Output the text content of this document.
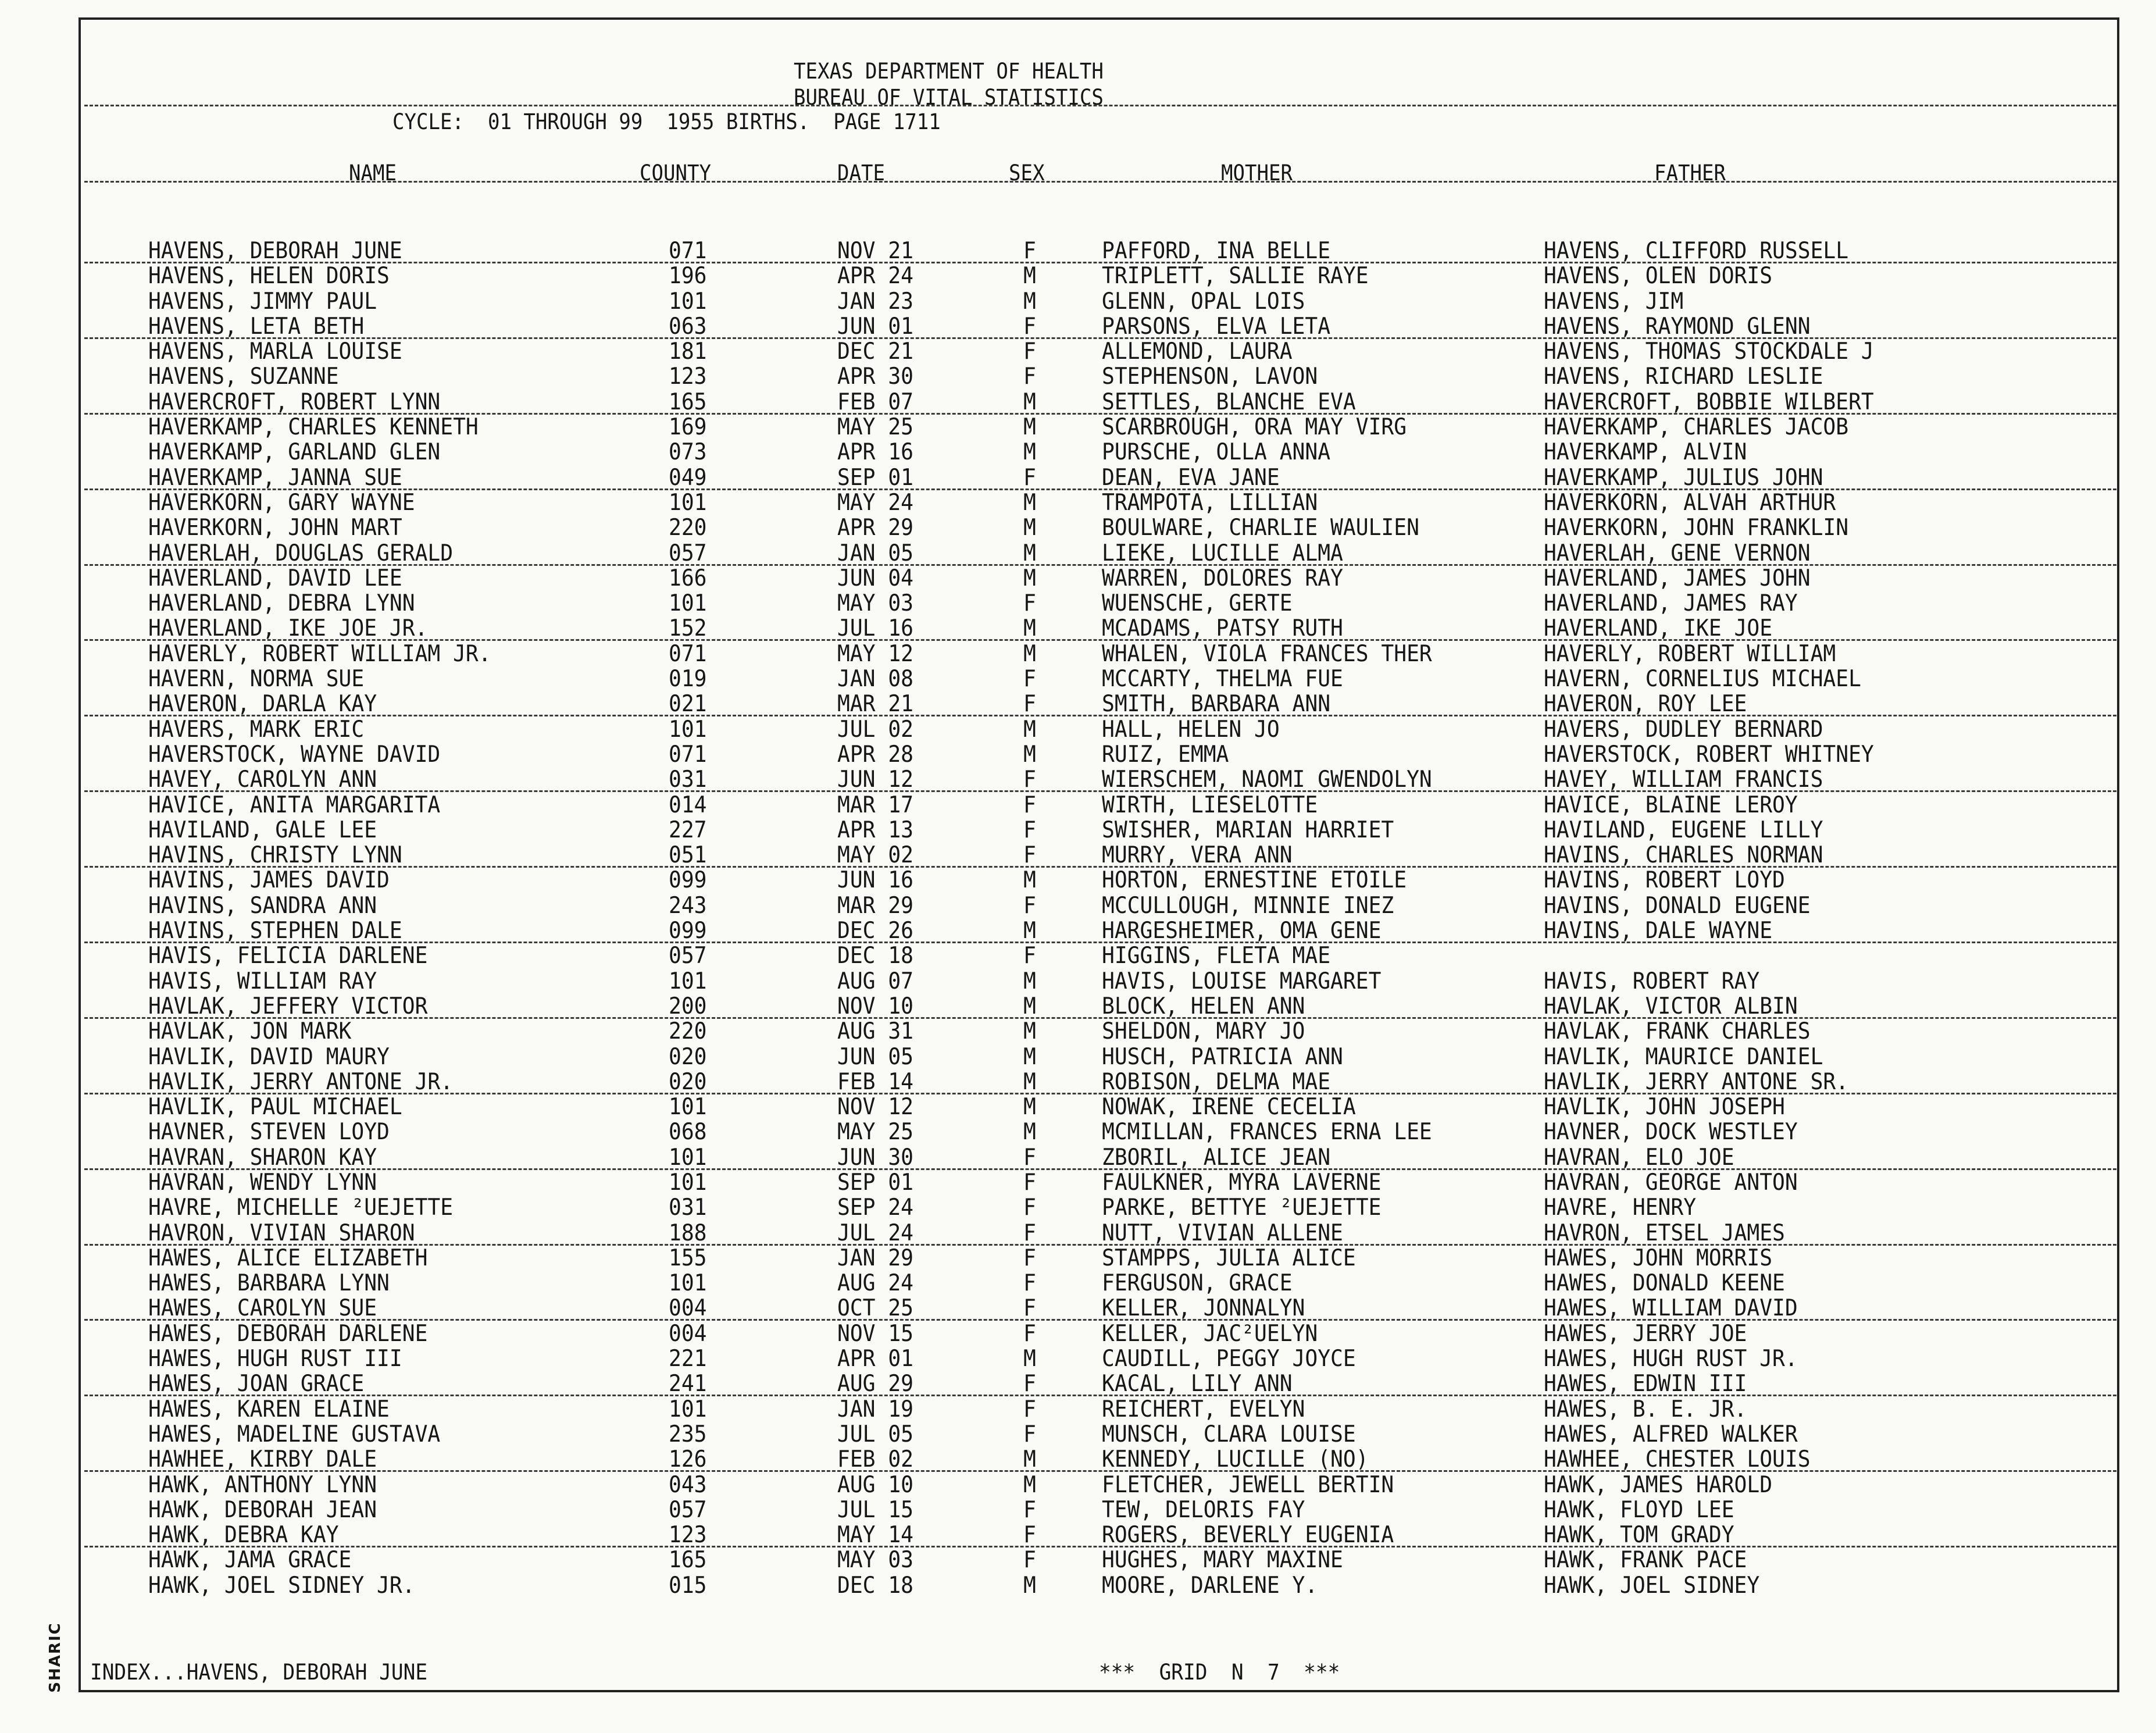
SHARIC
TEXAS DEPARTMENT OF HEALTH
BUREAU OF VITAL STATISTICS
CYCLE:  01 THROUGH 99  1955 BIRTHS.  PAGE 1711
NAME	COUNTY	DATE	SEX	MOTHER	FATHER
HAVENS, DEBORAH JUNE	071	NOV 21	F	PAFFORD, INA BELLE	HAVENS, CLIFFORD RUSSELL
HAVENS, HELEN DORIS	196	APR 24	M	TRIPLETT, SALLIE RAYE	HAVENS, OLEN DORIS
HAVENS, JIMMY PAUL	101	JAN 23	M	GLENN, OPAL LOIS	HAVENS, JIM
HAVENS, LETA BETH	063	JUN 01	F	PARSONS, ELVA LETA	HAVENS, RAYMOND GLENN
HAVENS, MARLA LOUISE	181	DEC 21	F	ALLEMOND, LAURA	HAVENS, THOMAS STOCKDALE J
HAVENS, SUZANNE	123	APR 30	F	STEPHENSON, LAVON	HAVENS, RICHARD LESLIE
HAVERCROFT, ROBERT LYNN	165	FEB 07	M	SETTLES, BLANCHE EVA	HAVERCROFT, BOBBIE WILBERT
HAVERKAMP, CHARLES KENNETH	169	MAY 25	M	SCARBROUGH, ORA MAY VIRG	HAVERKAMP, CHARLES JACOB
HAVERKAMP, GARLAND GLEN	073	APR 16	M	PURSCHE, OLLA ANNA	HAVERKAMP, ALVIN
HAVERKAMP, JANNA SUE	049	SEP 01	F	DEAN, EVA JANE	HAVERKAMP, JULIUS JOHN
HAVERKORN, GARY WAYNE	101	MAY 24	M	TRAMPOTA, LILLIAN	HAVERKORN, ALVAH ARTHUR
HAVERKORN, JOHN MART	220	APR 29	M	BOULWARE, CHARLIE WAULIEN	HAVERKORN, JOHN FRANKLIN
HAVERLAH, DOUGLAS GERALD	057	JAN 05	M	LIEKE, LUCILLE ALMA	HAVERLAH, GENE VERNON
HAVERLAND, DAVID LEE	166	JUN 04	M	WARREN, DOLORES RAY	HAVERLAND, JAMES JOHN
HAVERLAND, DEBRA LYNN	101	MAY 03	F	WUENSCHE, GERTE	HAVERLAND, JAMES RAY
HAVERLAND, IKE JOE JR.	152	JUL 16	M	MCADAMS, PATSY RUTH	HAVERLAND, IKE JOE
HAVERLY, ROBERT WILLIAM JR.	071	MAY 12	M	WHALEN, VIOLA FRANCES THER	HAVERLY, ROBERT WILLIAM
HAVERN, NORMA SUE	019	JAN 08	F	MCCARTY, THELMA FUE	HAVERN, CORNELIUS MICHAEL
HAVERON, DARLA KAY	021	MAR 21	F	SMITH, BARBARA ANN	HAVERON, ROY LEE
HAVERS, MARK ERIC	101	JUL 02	M	HALL, HELEN JO	HAVERS, DUDLEY BERNARD
HAVERSTOCK, WAYNE DAVID	071	APR 28	M	RUIZ, EMMA	HAVERSTOCK, ROBERT WHITNEY
HAVEY, CAROLYN ANN	031	JUN 12	F	WIERSCHEM, NAOMI GWENDOLYN	HAVEY, WILLIAM FRANCIS
HAVICE, ANITA MARGARITA	014	MAR 17	F	WIRTH, LIESELOTTE	HAVICE, BLAINE LEROY
HAVILAND, GALE LEE	227	APR 13	F	SWISHER, MARIAN HARRIET	HAVILAND, EUGENE LILLY
HAVINS, CHRISTY LYNN	051	MAY 02	F	MURRY, VERA ANN	HAVINS, CHARLES NORMAN
HAVINS, JAMES DAVID	099	JUN 16	M	HORTON, ERNESTINE ETOILE	HAVINS, ROBERT LOYD
HAVINS, SANDRA ANN	243	MAR 29	F	MCCULLOUGH, MINNIE INEZ	HAVINS, DONALD EUGENE
HAVINS, STEPHEN DALE	099	DEC 26	M	HARGESHEIMER, OMA GENE	HAVINS, DALE WAYNE
HAVIS, FELICIA DARLENE	057	DEC 18	F	HIGGINS, FLETA MAE
HAVIS, WILLIAM RAY	101	AUG 07	M	HAVIS, LOUISE MARGARET	HAVIS, ROBERT RAY
HAVLAK, JEFFERY VICTOR	200	NOV 10	M	BLOCK, HELEN ANN	HAVLAK, VICTOR ALBIN
HAVLAK, JON MARK	220	AUG 31	M	SHELDON, MARY JO	HAVLAK, FRANK CHARLES
HAVLIK, DAVID MAURY	020	JUN 05	M	HUSCH, PATRICIA ANN	HAVLIK, MAURICE DANIEL
HAVLIK, JERRY ANTONE JR.	020	FEB 14	M	ROBISON, DELMA MAE	HAVLIK, JERRY ANTONE SR.
HAVLIK, PAUL MICHAEL	101	NOV 12	M	NOWAK, IRENE CECELIA	HAVLIK, JOHN JOSEPH
HAVNER, STEVEN LOYD	068	MAY 25	M	MCMILLAN, FRANCES ERNA LEE	HAVNER, DOCK WESTLEY
HAVRAN, SHARON KAY	101	JUN 30	F	ZBORIL, ALICE JEAN	HAVRAN, ELO JOE
HAVRAN, WENDY LYNN	101	SEP 01	F	FAULKNER, MYRA LAVERNE	HAVRAN, GEORGE ANTON
HAVRE, MICHELLE ²UEJETTE	031	SEP 24	F	PARKE, BETTYE ²UEJETTE	HAVRE, HENRY
HAVRON, VIVIAN SHARON	188	JUL 24	F	NUTT, VIVIAN ALLENE	HAVRON, ETSEL JAMES
HAWES, ALICE ELIZABETH	155	JAN 29	F	STAMPPS, JULIA ALICE	HAWES, JOHN MORRIS
HAWES, BARBARA LYNN	101	AUG 24	F	FERGUSON, GRACE	HAWES, DONALD KEENE
HAWES, CAROLYN SUE	004	OCT 25	F	KELLER, JONNALYN	HAWES, WILLIAM DAVID
HAWES, DEBORAH DARLENE	004	NOV 15	F	KELLER, JAC²UELYN	HAWES, JERRY JOE
HAWES, HUGH RUST III	221	APR 01	M	CAUDILL, PEGGY JOYCE	HAWES, HUGH RUST JR.
HAWES, JOAN GRACE	241	AUG 29	F	KACAL, LILY ANN	HAWES, EDWIN III
HAWES, KAREN ELAINE	101	JAN 19	F	REICHERT, EVELYN	HAWES, B. E. JR.
HAWES, MADELINE GUSTAVA	235	JUL 05	F	MUNSCH, CLARA LOUISE	HAWES, ALFRED WALKER
HAWHEE, KIRBY DALE	126	FEB 02	M	KENNEDY, LUCILLE (NO)	HAWHEE, CHESTER LOUIS
HAWK, ANTHONY LYNN	043	AUG 10	M	FLETCHER, JEWELL BERTIN	HAWK, JAMES HAROLD
HAWK, DEBORAH JEAN	057	JUL 15	F	TEW, DELORIS FAY	HAWK, FLOYD LEE
HAWK, DEBRA KAY	123	MAY 14	F	ROGERS, BEVERLY EUGENIA	HAWK, TOM GRADY
HAWK, JAMA GRACE	165	MAY 03	F	HUGHES, MARY MAXINE	HAWK, FRANK PACE
HAWK, JOEL SIDNEY JR.	015	DEC 18	M	MOORE, DARLENE Y.	HAWK, JOEL SIDNEY
INDEX...HAVENS, DEBORAH JUNE	***  GRID  N  7  ***
